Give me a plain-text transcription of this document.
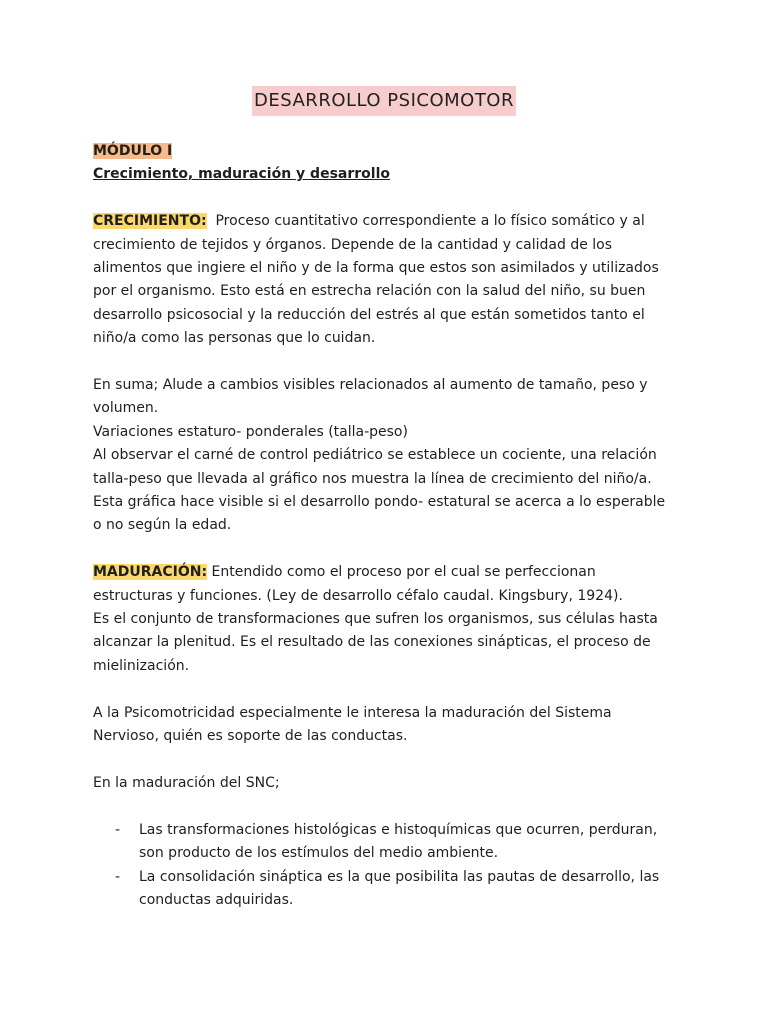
DESARROLLO PSICOMOTOR

MÓDULO I

Crecimiento, maduración y desarrollo

CRECIMIENTO: Proceso cuantitativo correspondiente a lo físico somático y al crecimiento de tejidos y órganos. Depende de la cantidad y calidad de los alimentos que ingiere el niño y de la forma que estos son asimilados y utilizados por el organismo. Esto está en estrecha relación con la salud del niño, su buen desarrollo psicosocial y la reducción del estrés al que están sometidos tanto el niño/a como las personas que lo cuidan.

En suma; Alude a cambios visibles relacionados al aumento de tamaño, peso y volumen.

Variaciones estaturo- ponderales (talla-peso)

Al observar el carné de control pediátrico se establece un cociente, una relación talla-peso que llevada al gráfico nos muestra la línea de crecimiento del niño/a. Esta gráfica hace visible si el desarrollo pondo- estatural se acerca a lo esperable o no según la edad.

MADURACIÓN: Entendido como el proceso por el cual se perfeccionan estructuras y funciones. (Ley de desarrollo céfalo caudal. Kingsbury, 1924).

Es el conjunto de transformaciones que sufren los organismos, sus células hasta alcanzar la plenitud. Es el resultado de las conexiones sinápticas, el proceso de mielinización.

A la Psicomotricidad especialmente le interesa la maduración del Sistema Nervioso, quién es soporte de las conductas.

En la maduración del SNC;

- Las transformaciones histológicas e histoquímicas que ocurren, perduran, son producto de los estímulos del medio ambiente.
- La consolidación sináptica es la que posibilita las pautas de desarrollo, las conductas adquiridas.
